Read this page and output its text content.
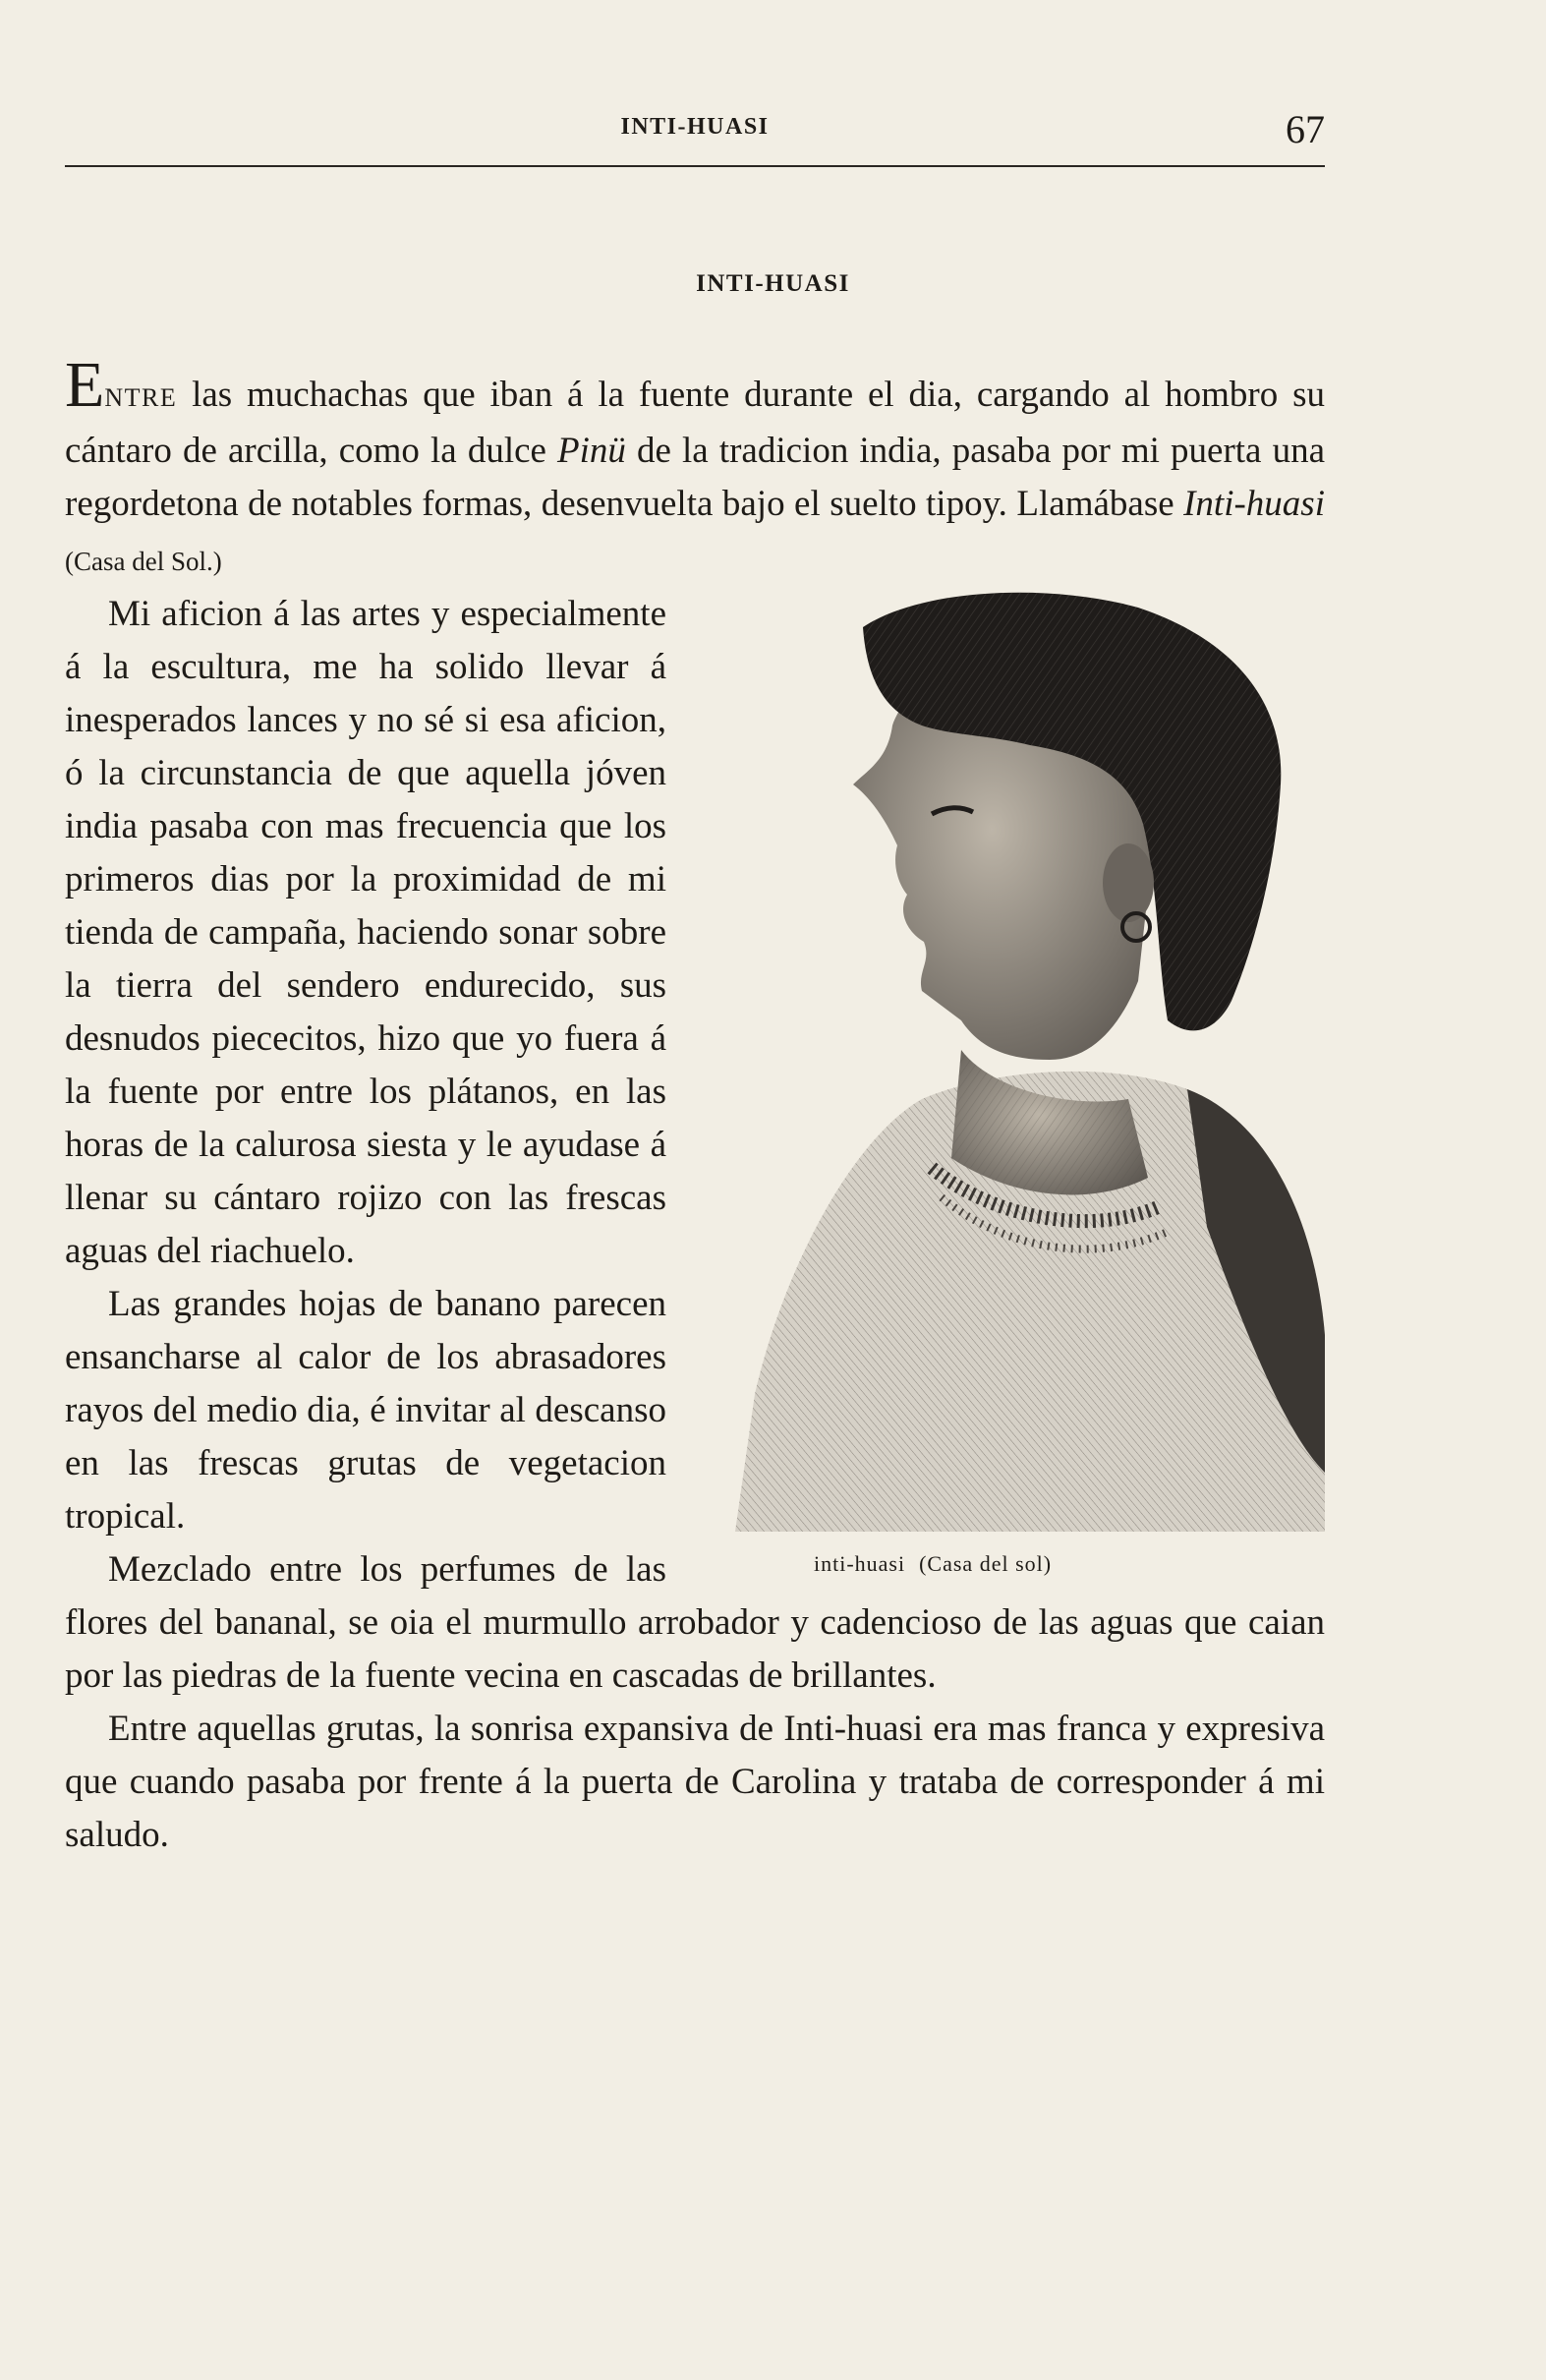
INTI-HUASI	67
INTI-HUASI

ENTRE las muchachas que iban á la fuente durante el dia, cargando al hombro su cántaro de arcilla, como la dulce Pinü de la tradicion india, pasaba por mi puerta una regordetona de notables formas, desenvuelta bajo el suelto tipoy. Llamábase Inti-huasi (Casa del Sol.)

inti-huasi (Casa del sol)

Mi aficion á las artes y especialmente á la escultura, me ha solido llevar á inesperados lances y no sé si esa aficion, ó la circunstancia de que aquella jóven india pasaba con mas frecuencia que los primeros dias por la proximidad de mi tienda de campaña, haciendo sonar sobre la tierra del sendero endurecido, sus desnudos piececitos, hizo que yo fuera á la fuente por entre los plátanos, en las horas de la calurosa siesta y le ayudase á llenar su cántaro rojizo con las frescas aguas del riachuelo.

Las grandes hojas de banano parecen ensancharse al calor de los abrasadores rayos del medio dia, é invitar al descanso en las frescas grutas de vegetacion tropical.

Mezclado entre los perfumes de las flores del bananal, se oia el murmullo arrobador y cadencioso de las aguas que caian por las piedras de la fuente vecina en cascadas de brillantes.

Entre aquellas grutas, la sonrisa expansiva de Inti-huasi era mas franca y expresiva que cuando pasaba por frente á la puerta de Carolina y trataba de corresponder á mi saludo.
